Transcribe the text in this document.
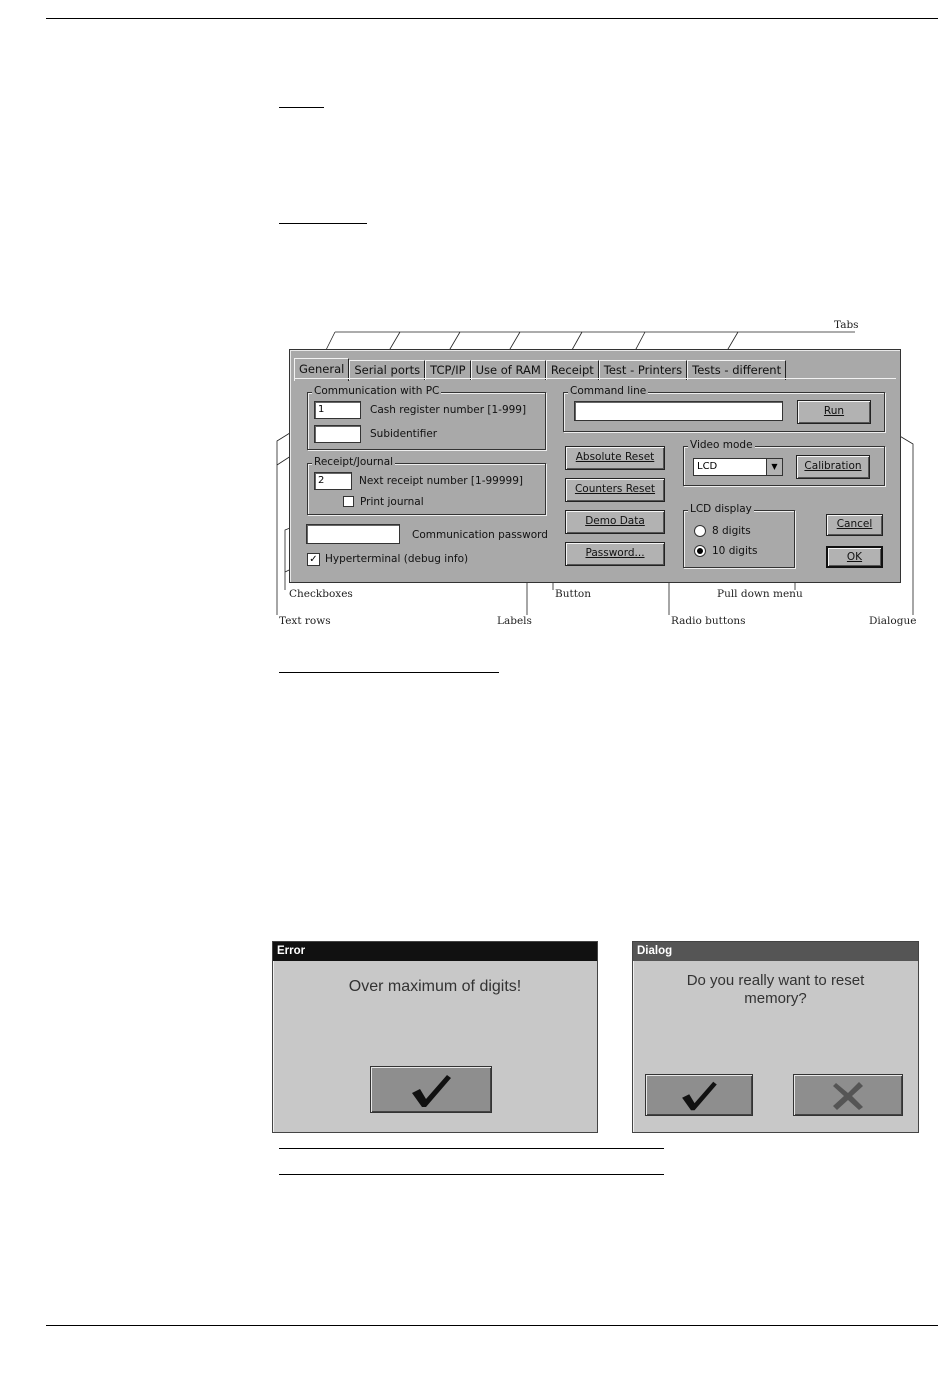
Tabs
Checkboxes
Text rows	Labels
Button	Pull down menu
Radio buttons	Dialogue
General Serial ports TCP/IP Use of RAM Receipt Test - Printers Tests - different
Communication with PC
1	Cash register number [1-999]
Subidentifier
Receipt/Journal
2	Next receipt number [1-99999]
Print journal
Communication password
✓ Hyperterminal (debug info)
Command line
Run
Absolute Reset
Counters Reset
Demo Data
Password...
Video mode
LCD	▼	Calibration
LCD display
8 digits
10 digits
Cancel
OK
Error
Over maximum of digits!
Dialog
Do you really want to reset
memory?
